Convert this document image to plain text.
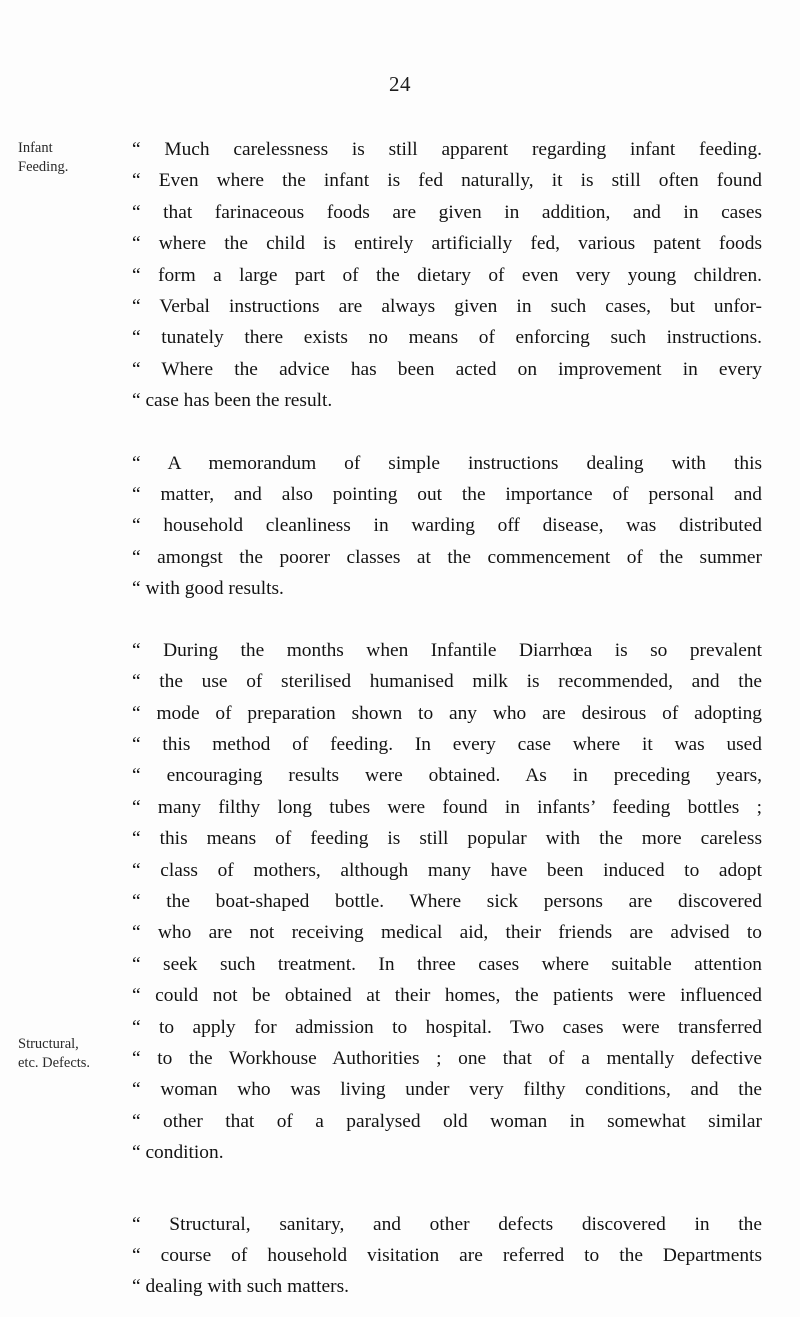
24
Infant
Feeding.
Structural,
etc. Defects.
“ Much carelessness is still apparent regarding infant feeding.
“ Even where the infant is fed naturally, it is still often found
“ that farinaceous foods are given in addition, and in cases
“ where the child is entirely artificially fed, various patent foods
“ form a large part of the dietary of even very young children.
“ Verbal instructions are always given in such cases, but unfor-
“ tunately there exists no means of enforcing such instructions.
“ Where the advice has been acted on improvement in every
“ case has been the result.
“ A memorandum of simple instructions dealing with this
“ matter, and also pointing out the importance of personal and
“ household cleanliness in warding off disease, was distributed
“ amongst the poorer classes at the commencement of the summer
“ with good results.
“ During the months when Infantile Diarrhœa is so prevalent
“ the use of sterilised humanised milk is recommended, and the
“ mode of preparation shown to any who are desirous of adopting
“ this method of feeding. In every case where it was used
“ encouraging results were obtained. As in preceding years,
“ many filthy long tubes were found in infants’ feeding bottles ;
“ this means of feeding is still popular with the more careless
“ class of mothers, although many have been induced to adopt
“ the boat-shaped bottle. Where sick persons are discovered
“ who are not receiving medical aid, their friends are advised to
“ seek such treatment. In three cases where suitable attention
“ could not be obtained at their homes, the patients were influenced
“ to apply for admission to hospital. Two cases were transferred
“ to the Workhouse Authorities ; one that of a mentally defective
“ woman who was living under very filthy conditions, and the
“ other that of a paralysed old woman in somewhat similar
“ condition.
“ Structural, sanitary, and other defects discovered in the
“ course of household visitation are referred to the Departments
“ dealing with such matters.
